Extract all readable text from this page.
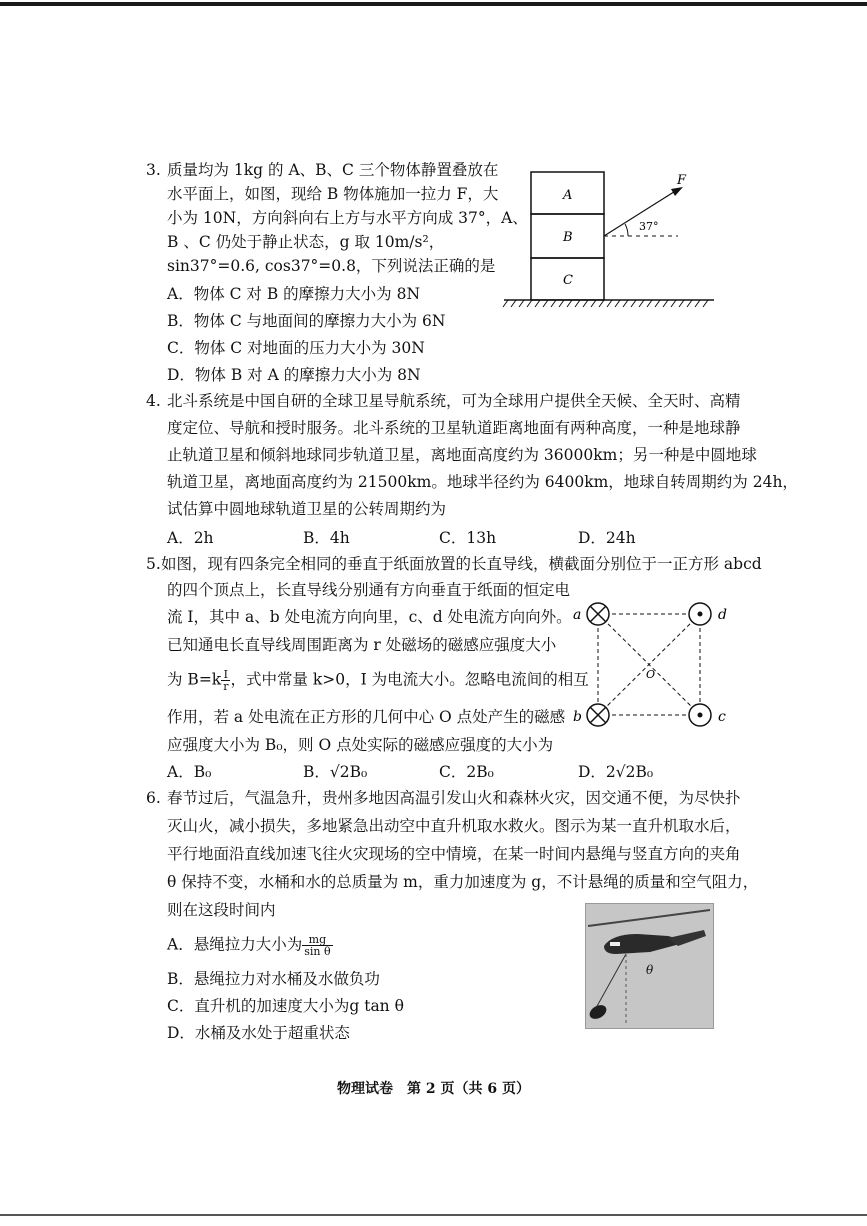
3. 质量均为 1kg 的 A、B、C 三个物体静置叠放在
水平面上，如图，现给 B 物体施加一拉力 F，大
小为 10N，方向斜向右上方与水平方向成 37°，A、
B 、C 仍处于静止状态，g 取 10m/s²，
sin37°=0.6, cos37°=0.8，下列说法正确的是
A．物体 C 对 B 的摩擦力大小为 8N
B．物体 C 与地面间的摩擦力大小为 6N
C．物体 C 对地面的压力大小为 30N
D．物体 B 对 A 的摩擦力大小为 8N
A
B
C
F
37°
4. 北斗系统是中国自研的全球卫星导航系统，可为全球用户提供全天候、全天时、高精
度定位、导航和授时服务。北斗系统的卫星轨道距离地面有两种高度，一种是地球静
止轨道卫星和倾斜地球同步轨道卫星，离地面高度约为 36000km；另一种是中圆地球
轨道卫星，离地面高度约为 21500km。地球半径约为 6400km，地球自转周期约为 24h，
试估算中圆地球轨道卫星的公转周期约为
A．2h	B．4h	C．13h	D．24h
5. 如图，现有四条完全相同的垂直于纸面放置的长直导线，横截面分别位于一正方形 abcd
的四个顶点上，长直导线分别通有方向垂直于纸面的恒定电
流 I，其中 a、b 处电流方向向里，c、d 处电流方向向外。
已知通电长直导线周围距离为 r 处磁场的磁感应强度大小
为 $B=k \frac{I}{r}$ ，式中常量 k>0，I 为电流大小。忽略电流间的相互
作用，若 a 处电流在正方形的几何中心 O 点处产生的磁感
应强度大小为 B₀，则 O 点处实际的磁感应强度的大小为
A．B₀	B．√2B₀	C．2B₀	D．2√2B₀
a	d
b	c
O
6. 春节过后，气温急升，贵州多地因高温引发山火和森林火灾，因交通不便，为尽快扑
灭山火，减小损失，多地紧急出动空中直升机取水救火。图示为某一直升机取水后，
平行地面沿直线加速飞往火灾现场的空中情境，在某一时间内悬绳与竖直方向的夹角
θ 保持不变，水桶和水的总质量为 m，重力加速度为 g，不计悬绳的质量和空气阻力，
则在这段时间内
A．悬绳拉力大小为 $\frac{mg}{\text{sin θ}}$
B．悬绳拉力对水桶及水做负功
C．直升机的加速度大小为g tan θ
D．水桶及水处于超重状态
θ
物理试卷　第 2 页（共 6 页）
